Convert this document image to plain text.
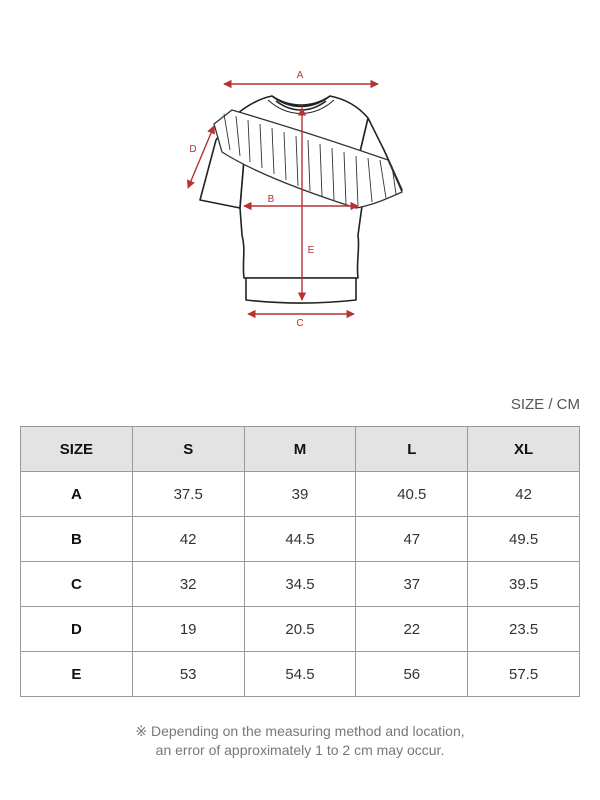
A
B
C
D
E
SIZE / CM
SIZE	S	M	L	XL
A	37.5	39	40.5	42
B	42	44.5	47	49.5
C	32	34.5	37	39.5
D	19	20.5	22	23.5
E	53	54.5	56	57.5
※ Depending on the measuring method and location,
an error of approximately 1 to 2 cm may occur.
